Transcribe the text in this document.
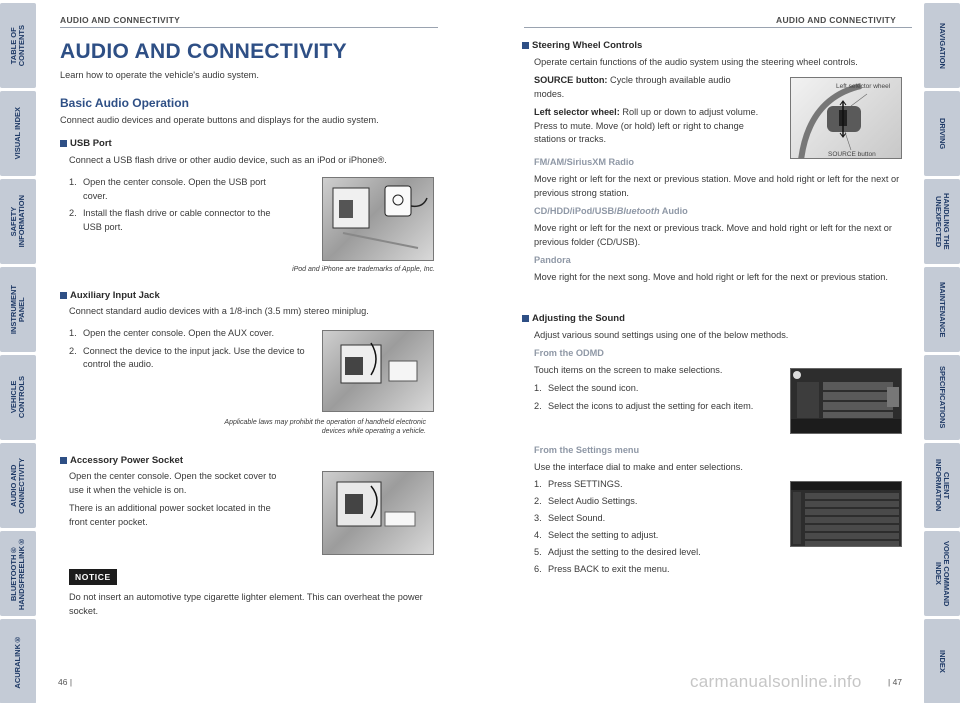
TABLE OF
CONTENTS
VISUAL INDEX
SAFETY
INFORMATION
INSTRUMENT
PANEL
VEHICLE
CONTROLS
AUDIO AND
CONNECTIVITY
BLUETOOTH®
HANDSFREELINK®
ACURALINK®
NAVIGATION
DRIVING
HANDLING THE
UNEXPECTED
MAINTENANCE
SPECIFICATIONS
CLIENT
INFORMATION
VOICE COMMAND
INDEX
INDEX
AUDIO AND CONNECTIVITY
AUDIO AND CONNECTIVITY
Learn how to operate the vehicle's audio system.
Basic Audio Operation
Connect audio devices and operate buttons and displays for the audio system.
USB Port
Connect a USB flash drive or other audio device, such as an iPod or iPhone®.
1. Open the center console. Open the USB port cover.
2. Install the flash drive or cable connector to the USB port.
iPod and iPhone are trademarks of Apple, Inc.
Auxiliary Input Jack
Connect standard audio devices with a 1/8-inch (3.5 mm) stereo miniplug.
1. Open the center console. Open the AUX cover.
2. Connect the device to the input jack. Use the device to control the audio.
Applicable laws may prohibit the operation of handheld electronic devices while operating a vehicle.
Accessory Power Socket
Open the center console. Open the socket cover to use it when the vehicle is on.
There is an additional power socket located in the front center pocket.
NOTICE
Do not insert an automotive type cigarette lighter element. This can overheat the power socket.
46 |
AUDIO AND CONNECTIVITY
Steering Wheel Controls
Operate certain functions of the audio system using the steering wheel controls.
SOURCE button: Cycle through available audio modes.
Left selector wheel: Roll up or down to adjust volume. Press to mute. Move (or hold) left or right to change stations or tracks.
Left selector wheel
SOURCE button
FM/AM/SiriusXM Radio
Move right or left for the next or previous station. Move and hold right or left for the next or previous strong station.
CD/HDD/iPod/USB/Bluetooth Audio
Move right or left for the next or previous track. Move and hold right or left for the next or previous folder (CD/USB).
Pandora
Move right for the next song. Move and hold right or left for the next or previous station.
Adjusting the Sound
Adjust various sound settings using one of the below methods.
From the ODMD
Touch items on the screen to make selections.
1. Select the sound icon.
2. Select the icons to adjust the setting for each item.
From the Settings menu
Use the interface dial to make and enter selections.
1. Press SETTINGS.
2. Select Audio Settings.
3. Select Sound.
4. Select the setting to adjust.
5. Adjust the setting to the desired level.
6. Press BACK to exit the menu.
| 47
carmanualsonline.info
